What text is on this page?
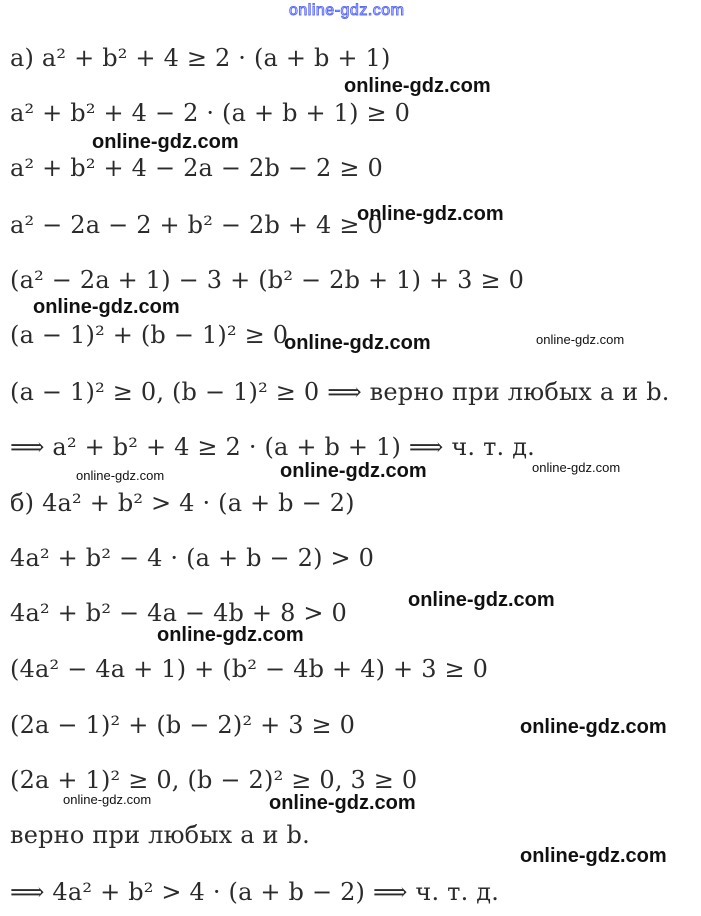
online-gdz.com
а) a² + b² + 4 ≥ 2 · (a + b + 1)
a² + b² + 4 − 2 · (a + b + 1) ≥ 0
a² + b² + 4 − 2a − 2b − 2 ≥ 0
a² − 2a − 2 + b² − 2b + 4 ≥ 0
(a² − 2a + 1) − 3 + (b² − 2b + 1) + 3 ≥ 0
(a − 1)² + (b − 1)² ≥ 0
(a − 1)² ≥ 0, (b − 1)² ≥ 0 ⟹ верно при любых a и b.
⟹ a² + b² + 4 ≥ 2 · (a + b + 1) ⟹ ч. т. д.
б) 4a² + b² > 4 · (a + b − 2)
4a² + b² − 4 · (a + b − 2) > 0
4a² + b² − 4a − 4b + 8 > 0
(4a² − 4a + 1) + (b² − 4b + 4) + 3 ≥ 0
(2a − 1)² + (b − 2)² + 3 ≥ 0
(2a + 1)² ≥ 0, (b − 2)² ≥ 0, 3 ≥ 0
верно при любых a и b.
⟹ 4a² + b² > 4 · (a + b − 2) ⟹ ч. т. д.
online-gdz.com
online-gdz.com
online-gdz.com
online-gdz.com
online-gdz.com	online-gdz.com
online-gdz.com	online-gdz.com	online-gdz.com
online-gdz.com
online-gdz.com
online-gdz.com
online-gdz.com	online-gdz.com
online-gdz.com
